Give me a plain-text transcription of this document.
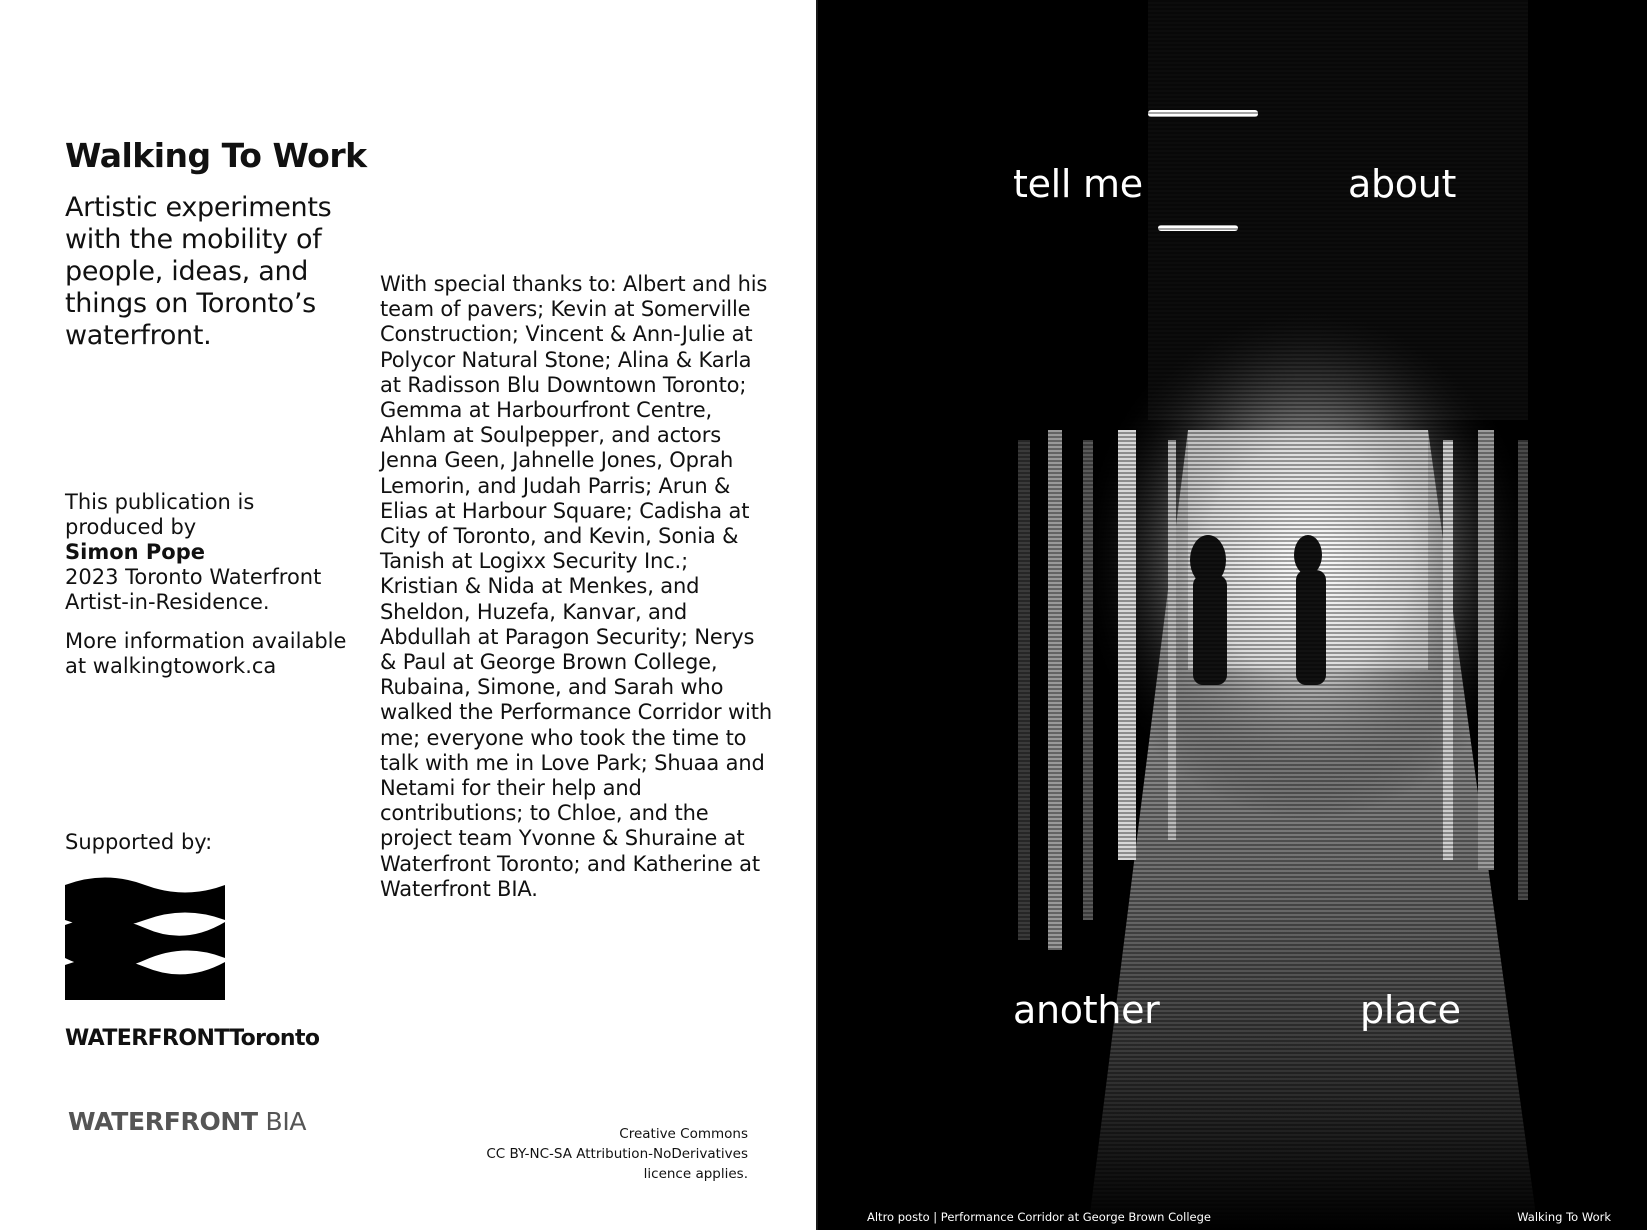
Walking To Work

Artistic experiments with the mobility of people, ideas, and things on Toronto’s waterfront.

This publication is produced by
Simon Pope
2023 Toronto Waterfront Artist-in-Residence.

More information available at walkingtowork.ca

With special thanks to: Albert and his team of pavers; Kevin at Somerville Construction; Vincent & Ann-Julie at Polycor Natural Stone; Alina & Karla at Radisson Blu Downtown Toronto; Gemma at Harbourfront Centre, Ahlam at Soulpepper, and actors Jenna Geen, Jahnelle Jones, Oprah Lemorin, and Judah Parris; Arun & Elias at Harbour Square; Cadisha at City of Toronto, and Kevin, Sonia & Tanish at Logixx Security Inc.; Kristian & Nida at Menkes, and Sheldon, Huzefa, Kanvar, and Abdullah at Paragon Security; Nerys & Paul at George Brown College, Rubaina, Simone, and Sarah who walked the Performance Corridor with me; everyone who took the time to talk with me in Love Park; Shuaa and Netami for their help and contributions; to Chloe, and the project team Yvonne & Shuraine at Waterfront Toronto; and Katherine at Waterfront BIA.

Supported by:

WATERFRONTToronto

WATERFRONT BIA	Creative Commons
CC BY-NC-SA Attribution-NoDerivatives
licence applies.

tell me	about

another	place

Altro posto | Performance Corridor at George Brown College	Walking To Work
